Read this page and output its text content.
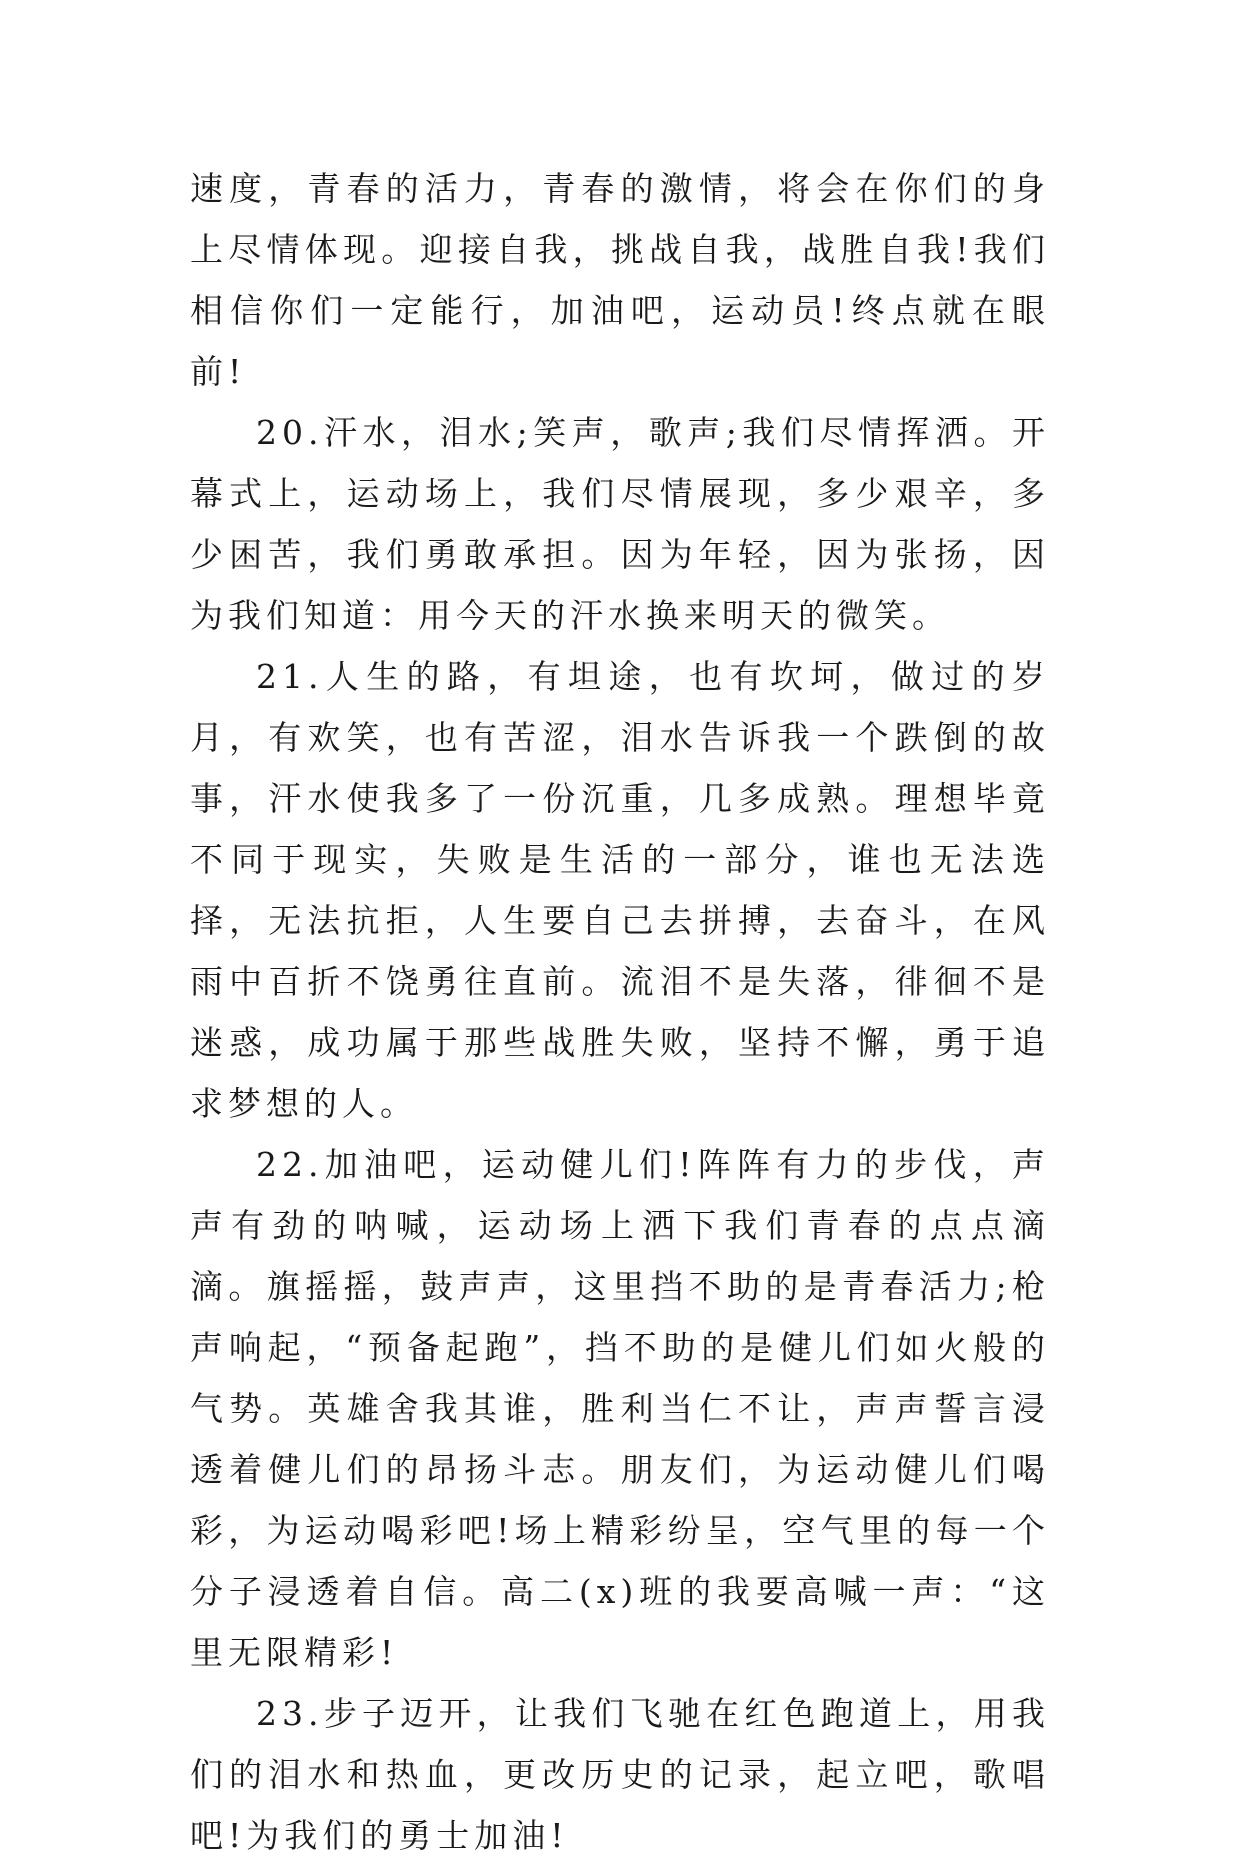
速度，青春的活力，青春的激情，将会在你们的身上尽情体现。迎接自我，挑战自我，战胜自我!我们相信你们一定能行，加油吧，运动员!终点就在眼前!

20.汗水，泪水;笑声，歌声;我们尽情挥洒。开幕式上，运动场上，我们尽情展现，多少艰辛，多少困苦，我们勇敢承担。因为年轻，因为张扬，因为我们知道：用今天的汗水换来明天的微笑。

21.人生的路，有坦途，也有坎坷，做过的岁月，有欢笑，也有苦涩，泪水告诉我一个跌倒的故事，汗水使我多了一份沉重，几多成熟。理想毕竟不同于现实，失败是生活的一部分，谁也无法选择，无法抗拒，人生要自己去拼搏，去奋斗，在风雨中百折不饶勇往直前。流泪不是失落，徘徊不是迷惑，成功属于那些战胜失败，坚持不懈，勇于追求梦想的人。

22.加油吧，运动健儿们!阵阵有力的步伐，声声有劲的呐喊，运动场上洒下我们青春的点点滴滴。旗摇摇，鼓声声，这里挡不助的是青春活力;枪声响起，“预备起跑”，挡不助的是健儿们如火般的气势。英雄舍我其谁，胜利当仁不让，声声誓言浸透着健儿们的昂扬斗志。朋友们，为运动健儿们喝彩，为运动喝彩吧!场上精彩纷呈，空气里的每一个分子浸透着自信。高二(x)班的我要高喊一声：“这里无限精彩!

23.步子迈开，让我们飞驰在红色跑道上，用我们的泪水和热血，更改历史的记录，起立吧，歌唱吧!为我们的勇士加油!
